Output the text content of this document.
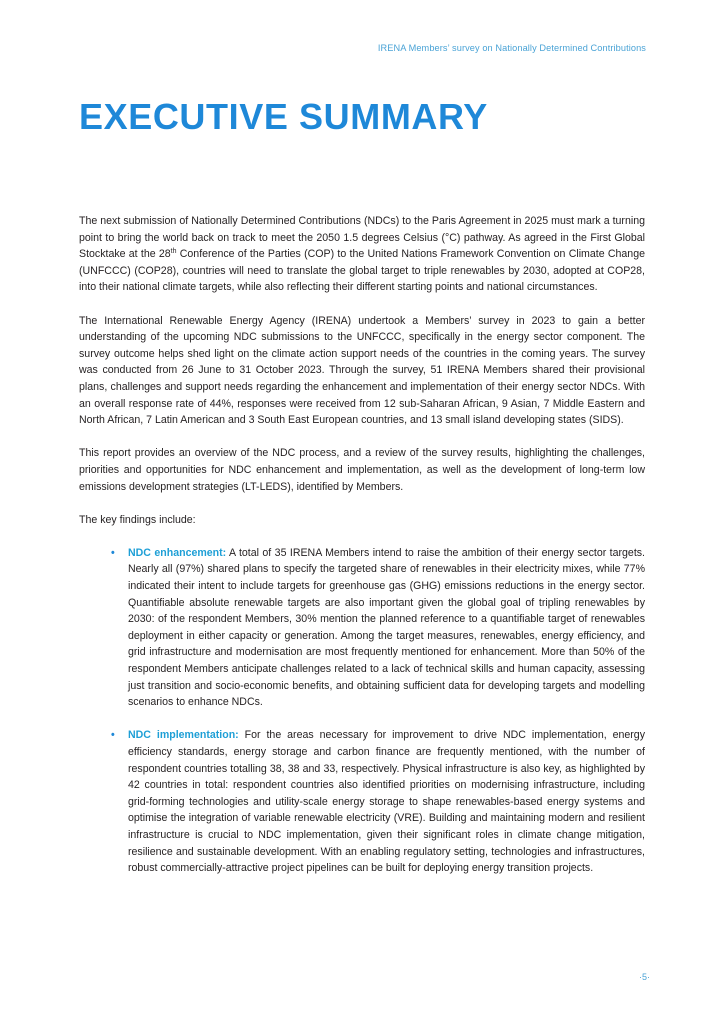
IRENA Members’ survey on Nationally Determined Contributions
EXECUTIVE SUMMARY

The next submission of Nationally Determined Contributions (NDCs) to the Paris Agreement in 2025 must mark a turning point to bring the world back on track to meet the 2050 1.5 degrees Celsius (°C) pathway. As agreed in the First Global Stocktake at the 28th Conference of the Parties (COP) to the United Nations Framework Convention on Climate Change (UNFCCC) (COP28), countries will need to translate the global target to triple renewables by 2030, adopted at COP28, into their national climate targets, while also reflecting their different starting points and national circumstances.

The International Renewable Energy Agency (IRENA) undertook a Members’ survey in 2023 to gain a better understanding of the upcoming NDC submissions to the UNFCCC, specifically in the energy sector component. The survey outcome helps shed light on the climate action support needs of the countries in the coming years. The survey was conducted from 26 June to 31 October 2023. Through the survey, 51 IRENA Members shared their provisional plans, challenges and support needs regarding the enhancement and implementation of their energy sector NDCs. With an overall response rate of 44%, responses were received from 12 sub-Saharan African, 9 Asian, 7 Middle Eastern and North African, 7 Latin American and 3 South East European countries, and 13 small island developing states (SIDS).

This report provides an overview of the NDC process, and a review of the survey results, highlighting the challenges, priorities and opportunities for NDC enhancement and implementation, as well as the development of long-term low emissions development strategies (LT-LEDS), identified by Members.

The key findings include:

• NDC enhancement: A total of 35 IRENA Members intend to raise the ambition of their energy sector targets. Nearly all (97%) shared plans to specify the targeted share of renewables in their electricity mixes, while 77% indicated their intent to include targets for greenhouse gas (GHG) emissions reductions in the energy sector. Quantifiable absolute renewable targets are also important given the global goal of tripling renewables by 2030: of the respondent Members, 30% mention the planned reference to a quantifiable target of renewables deployment in either capacity or generation. Among the target measures, renewables, energy efficiency, and grid infrastructure and modernisation are most frequently mentioned for enhancement. More than 50% of the respondent Members anticipate challenges related to a lack of technical skills and human capacity, assessing just transition and socio-economic benefits, and obtaining sufficient data for developing targets and modelling scenarios to enhance NDCs.
• NDC implementation: For the areas necessary for improvement to drive NDC implementation, energy efficiency standards, energy storage and carbon finance are frequently mentioned, with the number of respondent countries totalling 38, 38 and 33, respectively. Physical infrastructure is also key, as highlighted by 42 countries in total: respondent countries also identified priorities on modernising infrastructure, including grid-forming technologies and utility-scale energy storage to shape renewables-based energy systems and optimise the integration of variable renewable electricity (VRE). Building and maintaining modern and resilient infrastructure is crucial to NDC implementation, given their significant roles in climate change mitigation, resilience and sustainable development. With an enabling regulatory setting, technologies and infrastructures, robust commercially-attractive project pipelines can be built for deploying energy transition projects.
·5·
